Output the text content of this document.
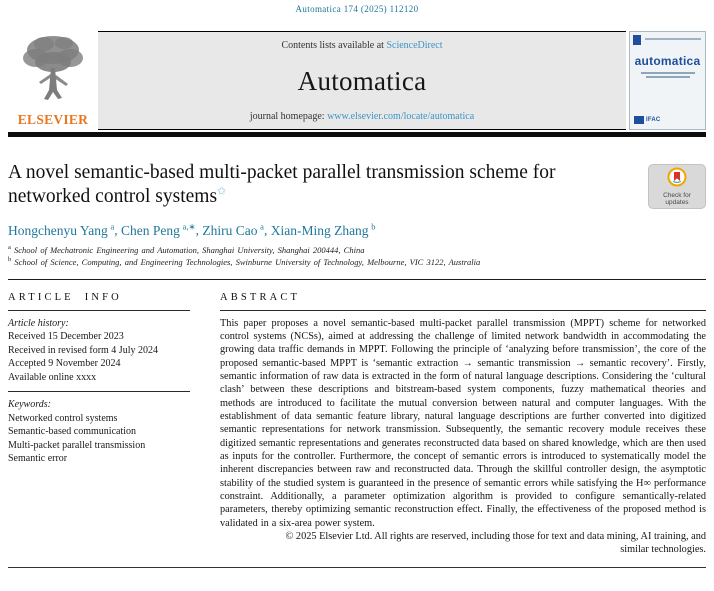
Automatica 174 (2025) 112120
ELSEVIER
Contents lists available at ScienceDirect
Automatica
journal homepage: www.elsevier.com/locate/automatica
automatica
IFAC
A novel semantic-based multi-packet parallel transmission scheme for networked control systems✩	Check for
updates
Hongchenyu Yang $^a$, Chen Peng $^{a,∗}$, Zhiru Cao $^a$, Xian-Ming Zhang $^b$
$^a$ School of Mechatronic Engineering and Automation, Shanghai University, Shanghai 200444, China
$^b$ School of Science, Computing, and Engineering Technologies, Swinburne University of Technology, Melbourne, VIC 3122, Australia
ARTICLE INFO
Article history:
Received 15 December 2023
Received in revised form 4 July 2024
Accepted 9 November 2024
Available online xxxx
Keywords:
Networked control systems
Semantic-based communication
Multi-packet parallel transmission
Semantic error
ABSTRACT
This paper proposes a novel semantic-based multi-packet parallel transmission (MPPT) scheme for networked control systems (NCSs), aimed at addressing the challenge of limited network bandwidth in accommodating the growing data traffic demands in MPPT. Following the principle of ‘analyzing before transmission’, the core of the proposed semantic-based MPPT is ‘semantic extraction → semantic transmission → semantic recovery’. Firstly, semantic information of raw data is extracted in the form of natural language descriptions. Considering the ‘cultural clash’ between these descriptions and bitstream-based system components, fuzzy mathematical theories and methods are introduced to facilitate the mutual conversion between natural and computer languages. With the establishment of data semantic feature library, natural language descriptions are further converted into digitized semantic representations for network transmission. Subsequently, the semantic recovery module receives these digitized semantic representations and generates reconstructed data based on shared knowledge, which are then used as inputs for the controller. Furthermore, the concept of semantic errors is introduced to systematically model the inherent discrepancies between raw and reconstructed data. Through the skillful controller design, the asymptotic stability of the studied system is guaranteed in the presence of semantic errors while satisfying the H∞ performance constraint. Additionally, a parameter optimization algorithm is provided to configure semantically-related parameters, thereby optimizing semantic reconstruction effect. Finally, the effectiveness of the proposed method is validated in a six-area power system.
© 2025 Elsevier Ltd. All rights are reserved, including those for text and data mining, AI training, and
similar technologies.
